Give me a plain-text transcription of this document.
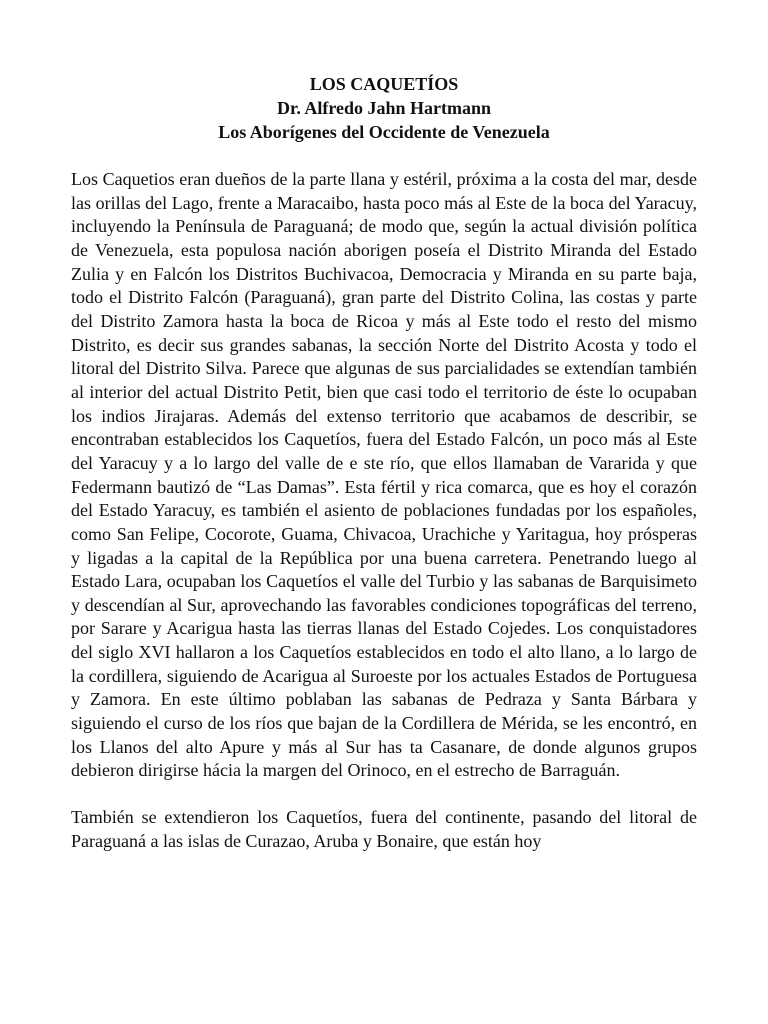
LOS CAQUETÍOS

Dr. Alfredo Jahn Hartmann

Los Aborígenes del Occidente de Venezuela

Los Caquetios eran dueños de la parte llana y estéril, próxima a la costa del mar, desde las orillas del Lago, frente a Maracaibo, hasta poco más al Este de la boca del Yaracuy, incluyendo la Península de Paraguaná; de modo que, según la actual división política de Venezuela, esta populosa nación aborigen poseía el Distrito Miranda del Estado Zulia y en Falcón los Distritos Buchivacoa, Democracia y Miranda en su parte baja, todo el Distrito Falcón (Paraguaná), gran parte del Distrito Colina, las costas y parte del Distrito Zamora hasta la boca de Ricoa y más al Este todo el resto del mismo Distrito, es decir sus grandes sabanas, la sección Norte del Distrito Acosta y todo el litoral del Distrito Silva. Parece que algunas de sus parcialidades se extendían también al interior del actual Distrito Petit, bien que casi todo el territorio de éste lo ocupaban los indios Jirajaras. Además del extenso territorio que acabamos de describir, se encontraban establecidos los Caquetíos, fuera del Estado Falcón, un poco más al Este del Yaracuy y a lo largo del valle de e ste río, que ellos llamaban de Vararida y que Federmann bautizó de “Las Damas”. Esta fértil y rica comarca, que es hoy el corazón del Estado Yaracuy, es también el asiento de poblaciones fundadas por los españoles, como San Felipe, Cocorote, Guama, Chivacoa, Urachiche y Yaritagua, hoy prósperas y ligadas a la capital de la República por una buena carretera. Penetrando luego al Estado Lara, ocupaban los Caquetíos el valle del Turbio y las sabanas de Barquisimeto y descendían al Sur, aprovechando las favorables condiciones topográficas del terreno, por Sarare y Acarigua hasta las tierras llanas del Estado Cojedes. Los conquistadores del siglo XVI hallaron a los Caquetíos establecidos en todo el alto llano, a lo largo de la cordillera, siguiendo de Acarigua al Suroeste por los actuales Estados de Portuguesa y Zamora. En este último poblaban las sabanas de Pedraza y Santa Bárbara y siguiendo el curso de los ríos que bajan de la Cordillera de Mérida, se les encontró, en los Llanos del alto Apure y más al Sur has ta Casanare, de donde algunos grupos debieron dirigirse hácia la margen del Orinoco, en el estrecho de Barraguán.

También se extendieron los Caquetíos, fuera del continente, pasando del litoral de Paraguaná a las islas de Curazao, Aruba y Bonaire, que están hoy
